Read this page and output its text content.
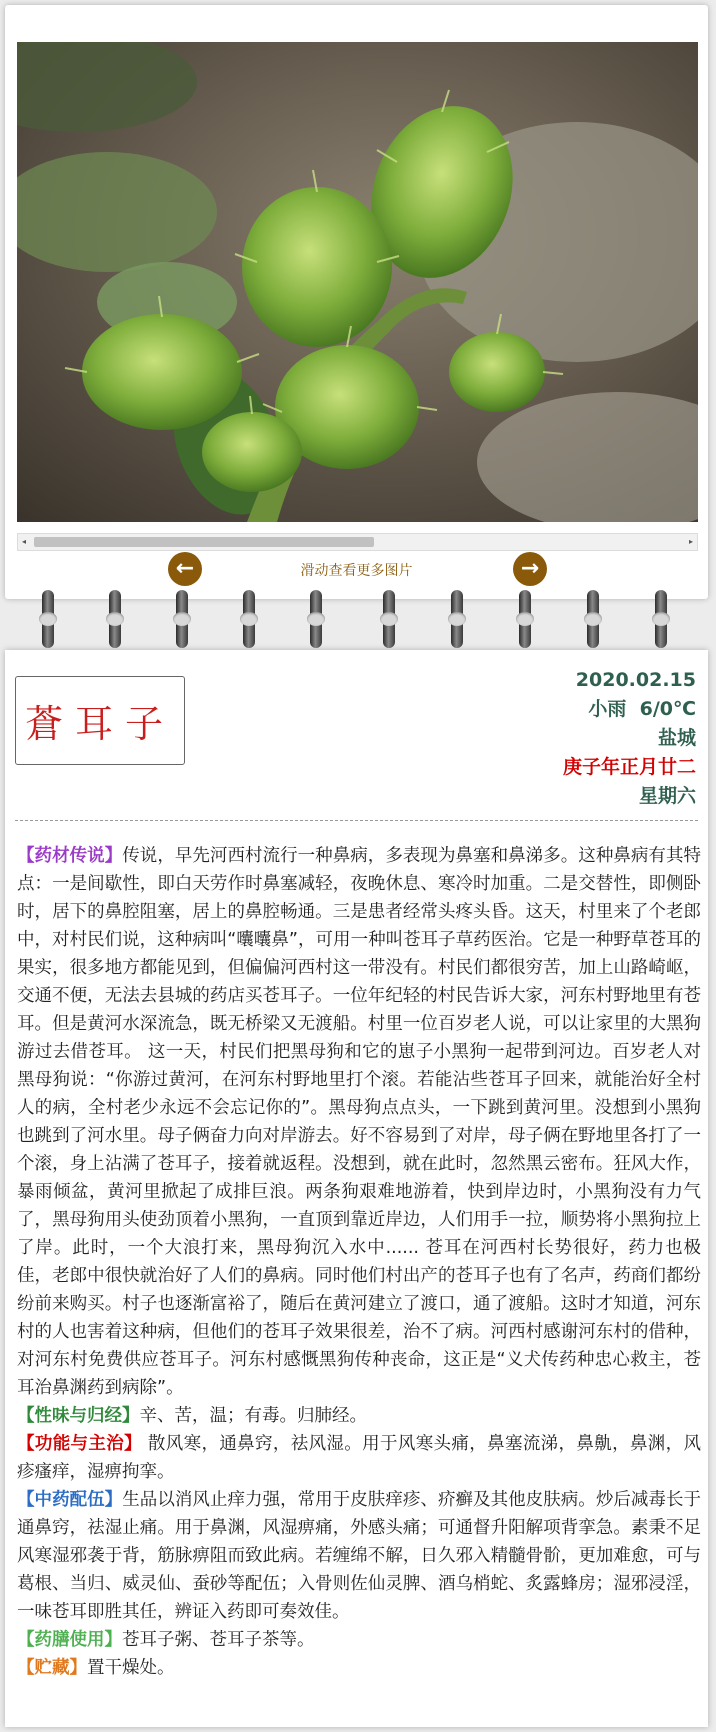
◂	▸
←	滑动查看更多图片	→
蒼耳子
2020.02.15
小雨  6/0℃
盐城
庚子年正月廿二
星期六

【药材传说】传说，早先河西村流行一种鼻病，多表现为鼻塞和鼻涕多。这种鼻病有其特点：一是间歇性，即白天劳作时鼻塞减轻，夜晚休息、寒冷时加重。二是交替性，即侧卧时，居下的鼻腔阻塞，居上的鼻腔畅通。三是患者经常头疼头昏。这天，村里来了个老郎中，对村民们说，这种病叫“囔囔鼻”，可用一种叫苍耳子草药医治。它是一种野草苍耳的果实，很多地方都能见到，但偏偏河西村这一带没有。村民们都很穷苦，加上山路崎岖，交通不便，无法去县城的药店买苍耳子。一位年纪轻的村民告诉大家，河东村野地里有苍耳。但是黄河水深流急，既无桥梁又无渡船。村里一位百岁老人说，可以让家里的大黑狗游过去借苍耳。 这一天，村民们把黑母狗和它的崽子小黑狗一起带到河边。百岁老人对黑母狗说：“你游过黄河，在河东村野地里打个滚。若能沾些苍耳子回来，就能治好全村人的病，全村老少永远不会忘记你的”。黑母狗点点头，一下跳到黄河里。没想到小黑狗也跳到了河水里。母子俩奋力向对岸游去。好不容易到了对岸，母子俩在野地里各打了一个滚，身上沾满了苍耳子，接着就返程。没想到，就在此时，忽然黑云密布。狂风大作，暴雨倾盆，黄河里掀起了成排巨浪。两条狗艰难地游着，快到岸边时，小黑狗没有力气了，黑母狗用头使劲顶着小黑狗，一直顶到靠近岸边，人们用手一拉，顺势将小黑狗拉上了岸。此时，一个大浪打来，黑母狗沉入水中...... 苍耳在河西村长势很好，药力也极佳，老郎中很快就治好了人们的鼻病。同时他们村出产的苍耳子也有了名声，药商们都纷纷前来购买。村子也逐渐富裕了，随后在黄河建立了渡口，通了渡船。这时才知道，河东村的人也害着这种病，但他们的苍耳子效果很差，治不了病。河西村感谢河东村的借种，对河东村免费供应苍耳子。河东村感慨黑狗传种丧命，这正是“义犬传药种忠心救主，苍耳治鼻渊药到病除”。

【性味与归经】辛、苦，温；有毒。归肺经。

【功能与主治】 散风寒，通鼻窍，祛风湿。用于风寒头痛，鼻塞流涕，鼻鼽，鼻渊，风疹瘙痒，湿痹拘挛。

【中药配伍】生品以消风止痒力强，常用于皮肤痒疹、疥癣及其他皮肤病。炒后减毒长于通鼻窍，祛湿止痛。用于鼻渊，风湿痹痛，外感头痛；可通督升阳解项背挛急。素秉不足风寒湿邪袭于背，筋脉痹阻而致此病。若缠绵不解，日久邪入精髓骨骱，更加难愈，可与葛根、当归、威灵仙、蚕砂等配伍；入骨则佐仙灵脾、酒乌梢蛇、炙露蜂房；湿邪浸淫，一味苍耳即胜其任，辨证入药即可奏效佳。

【药膳使用】苍耳子粥、苍耳子茶等。

【贮藏】置干燥处。
